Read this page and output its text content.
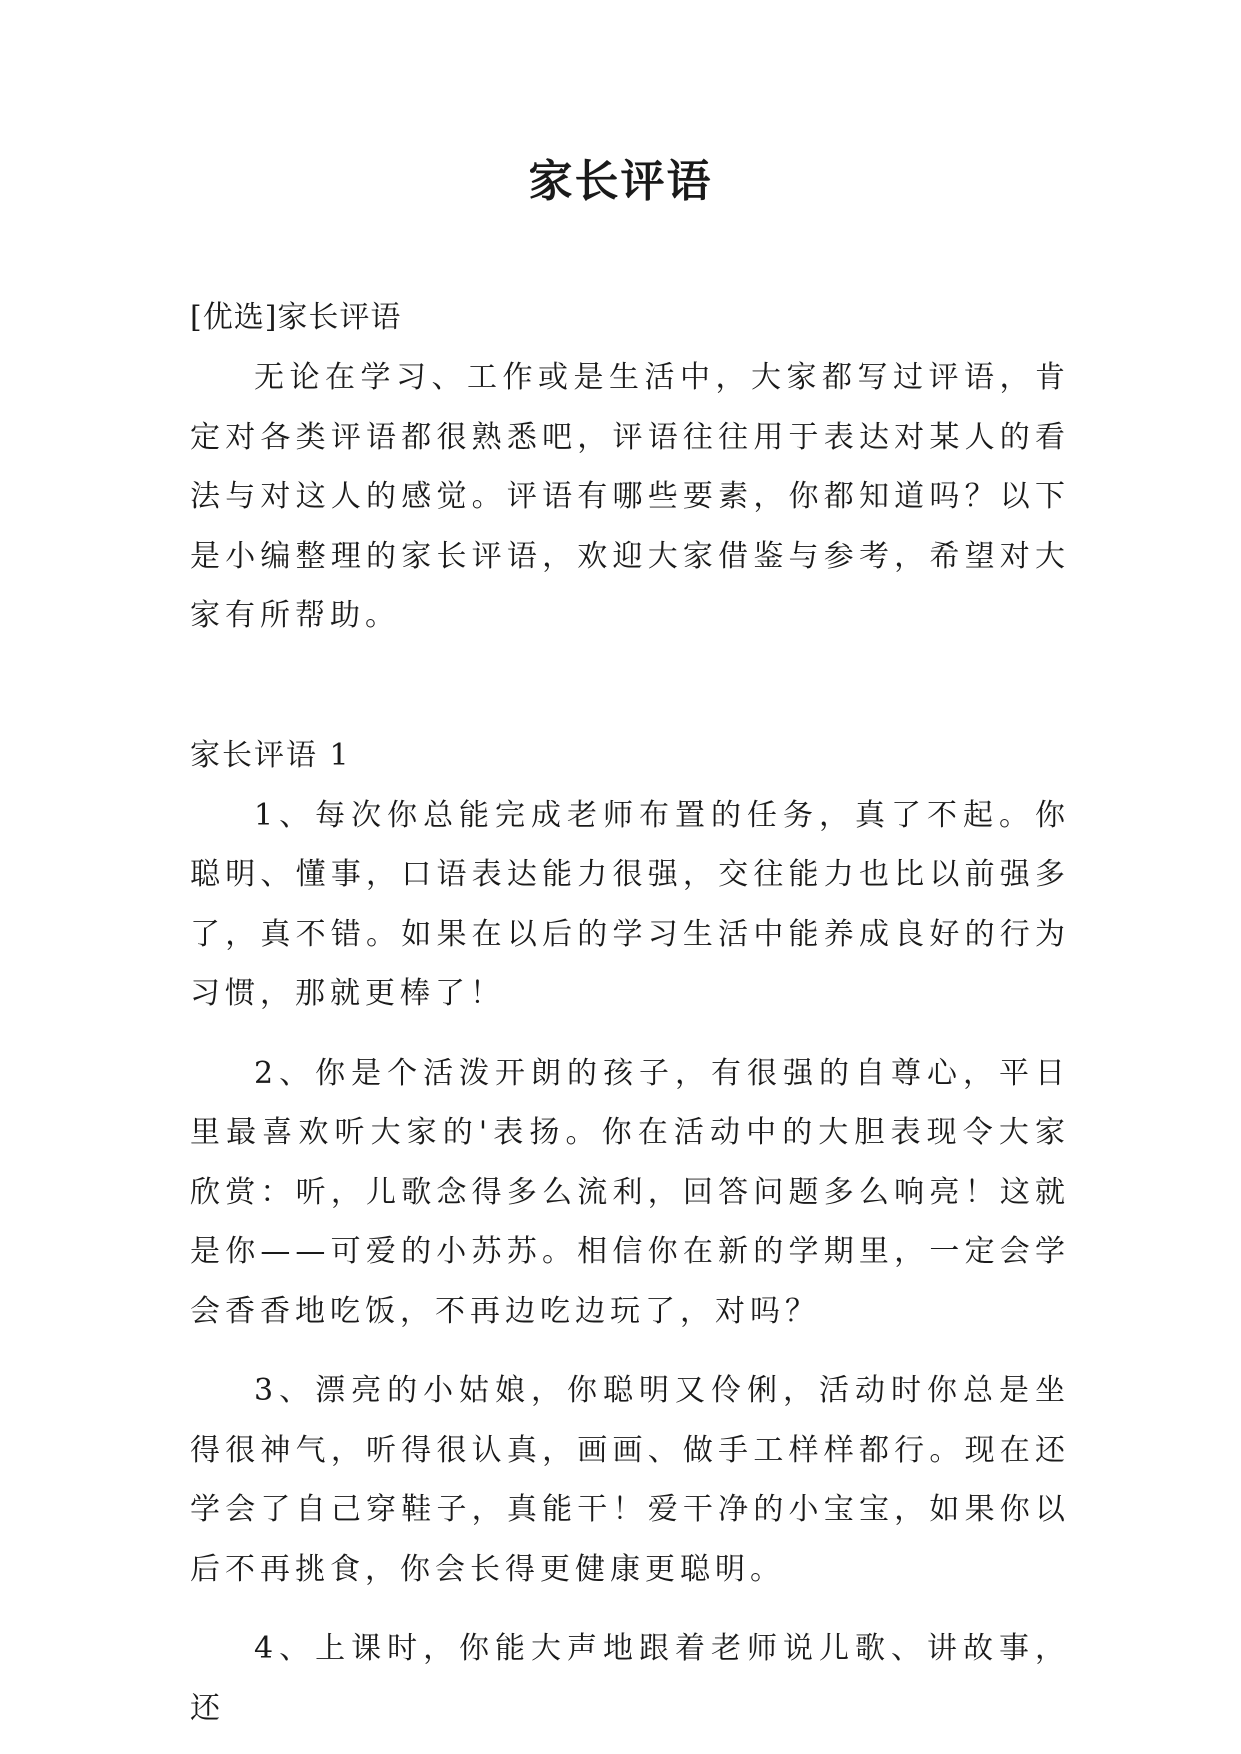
家长评语

[优选]家长评语

无论在学习、工作或是生活中，大家都写过评语，肯定对各类评语都很熟悉吧，评语往往用于表达对某人的看法与对这人的感觉。评语有哪些要素，你都知道吗？以下是小编整理的家长评语，欢迎大家借鉴与参考，希望对大家有所帮助。

家长评语 1

1、每次你总能完成老师布置的任务，真了不起。你聪明、懂事，口语表达能力很强，交往能力也比以前强多了，真不错。如果在以后的学习生活中能养成良好的行为习惯，那就更棒了！

2、你是个活泼开朗的孩子，有很强的自尊心，平日里最喜欢听大家的'表扬。你在活动中的大胆表现令大家欣赏：听，儿歌念得多么流利，回答问题多么响亮！这就是你——可爱的小苏苏。相信你在新的学期里，一定会学会香香地吃饭，不再边吃边玩了，对吗？

3、漂亮的小姑娘，你聪明又伶俐，活动时你总是坐得很神气，听得很认真，画画、做手工样样都行。现在还学会了自己穿鞋子，真能干！爱干净的小宝宝，如果你以后不再挑食，你会长得更健康更聪明。

4、上课时，你能大声地跟着老师说儿歌、讲故事，还
